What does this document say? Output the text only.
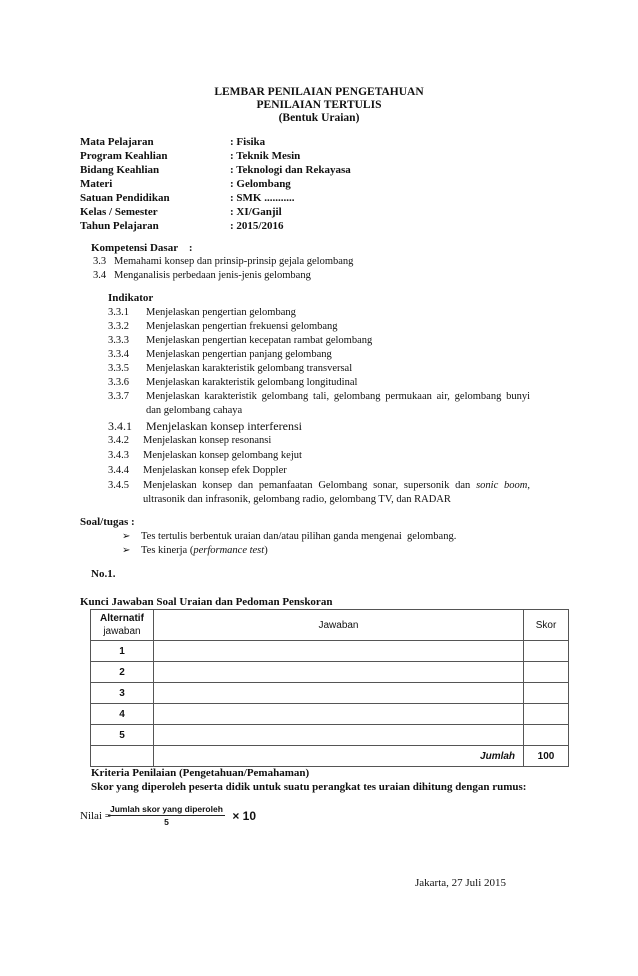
LEMBAR PENILAIAN PENGETAHUAN
PENILAIAN TERTULIS
(Bentuk Uraian)
Mata Pelajaran	: Fisika
Program Keahlian	: Teknik Mesin
Bidang Keahlian	: Teknologi dan Rekayasa
Materi	: Gelombang
Satuan Pendidikan	: SMK ...........
Kelas / Semester	: XI/Ganjil
Tahun Pelajaran	: 2015/2016
Kompetensi Dasar    :
3.3 Memahami konsep dan prinsip-prinsip gejala gelombang
3.4 Menganalisis perbedaan jenis-jenis gelombang
Indikator
3.3.1 Menjelaskan pengertian gelombang
3.3.2 Menjelaskan pengertian frekuensi gelombang
3.3.3 Menjelaskan pengertian kecepatan rambat gelombang
3.3.4 Menjelaskan pengertian panjang gelombang
3.3.5 Menjelaskan karakteristik gelombang transversal
3.3.6 Menjelaskan karakteristik gelombang longitudinal
3.3.7 Menjelaskan karakteristik gelombang tali, gelombang permukaan air, gelombang bunyi
dan gelombang cahaya
3.4.1 Menjelaskan konsep interferensi
3.4.2 Menjelaskan konsep resonansi
3.4.3 Menjelaskan konsep gelombang kejut
3.4.4 Menjelaskan konsep efek Doppler
3.4.5 Menjelaskan konsep dan pemanfaatan Gelombang sonar, supersonik dan sonic boom,
ultrasonik dan infrasonik, gelombang radio, gelombang TV, dan RADAR
Soal/tugas :
➢ Tes tertulis berbentuk uraian dan/atau pilihan ganda mengenai  gelombang.
➢ Tes kinerja (performance test)
No.1.
Kunci Jawaban Soal Uraian dan Pedoman Penskoran
Alternatif
jawaban	Jawaban	Skor
1		
2		
3		
4		
5		
	Jumlah	100
Kriteria Penilaian (Pengetahuan/Pemahaman)
Skor yang diperoleh peserta didik untuk suatu perangkat tes uraian dihitung dengan rumus:
Nilai =
$\frac{\text{Jumlah skor yang diperoleh}}{5} \times 10$
Jakarta, 27 Juli 2015
